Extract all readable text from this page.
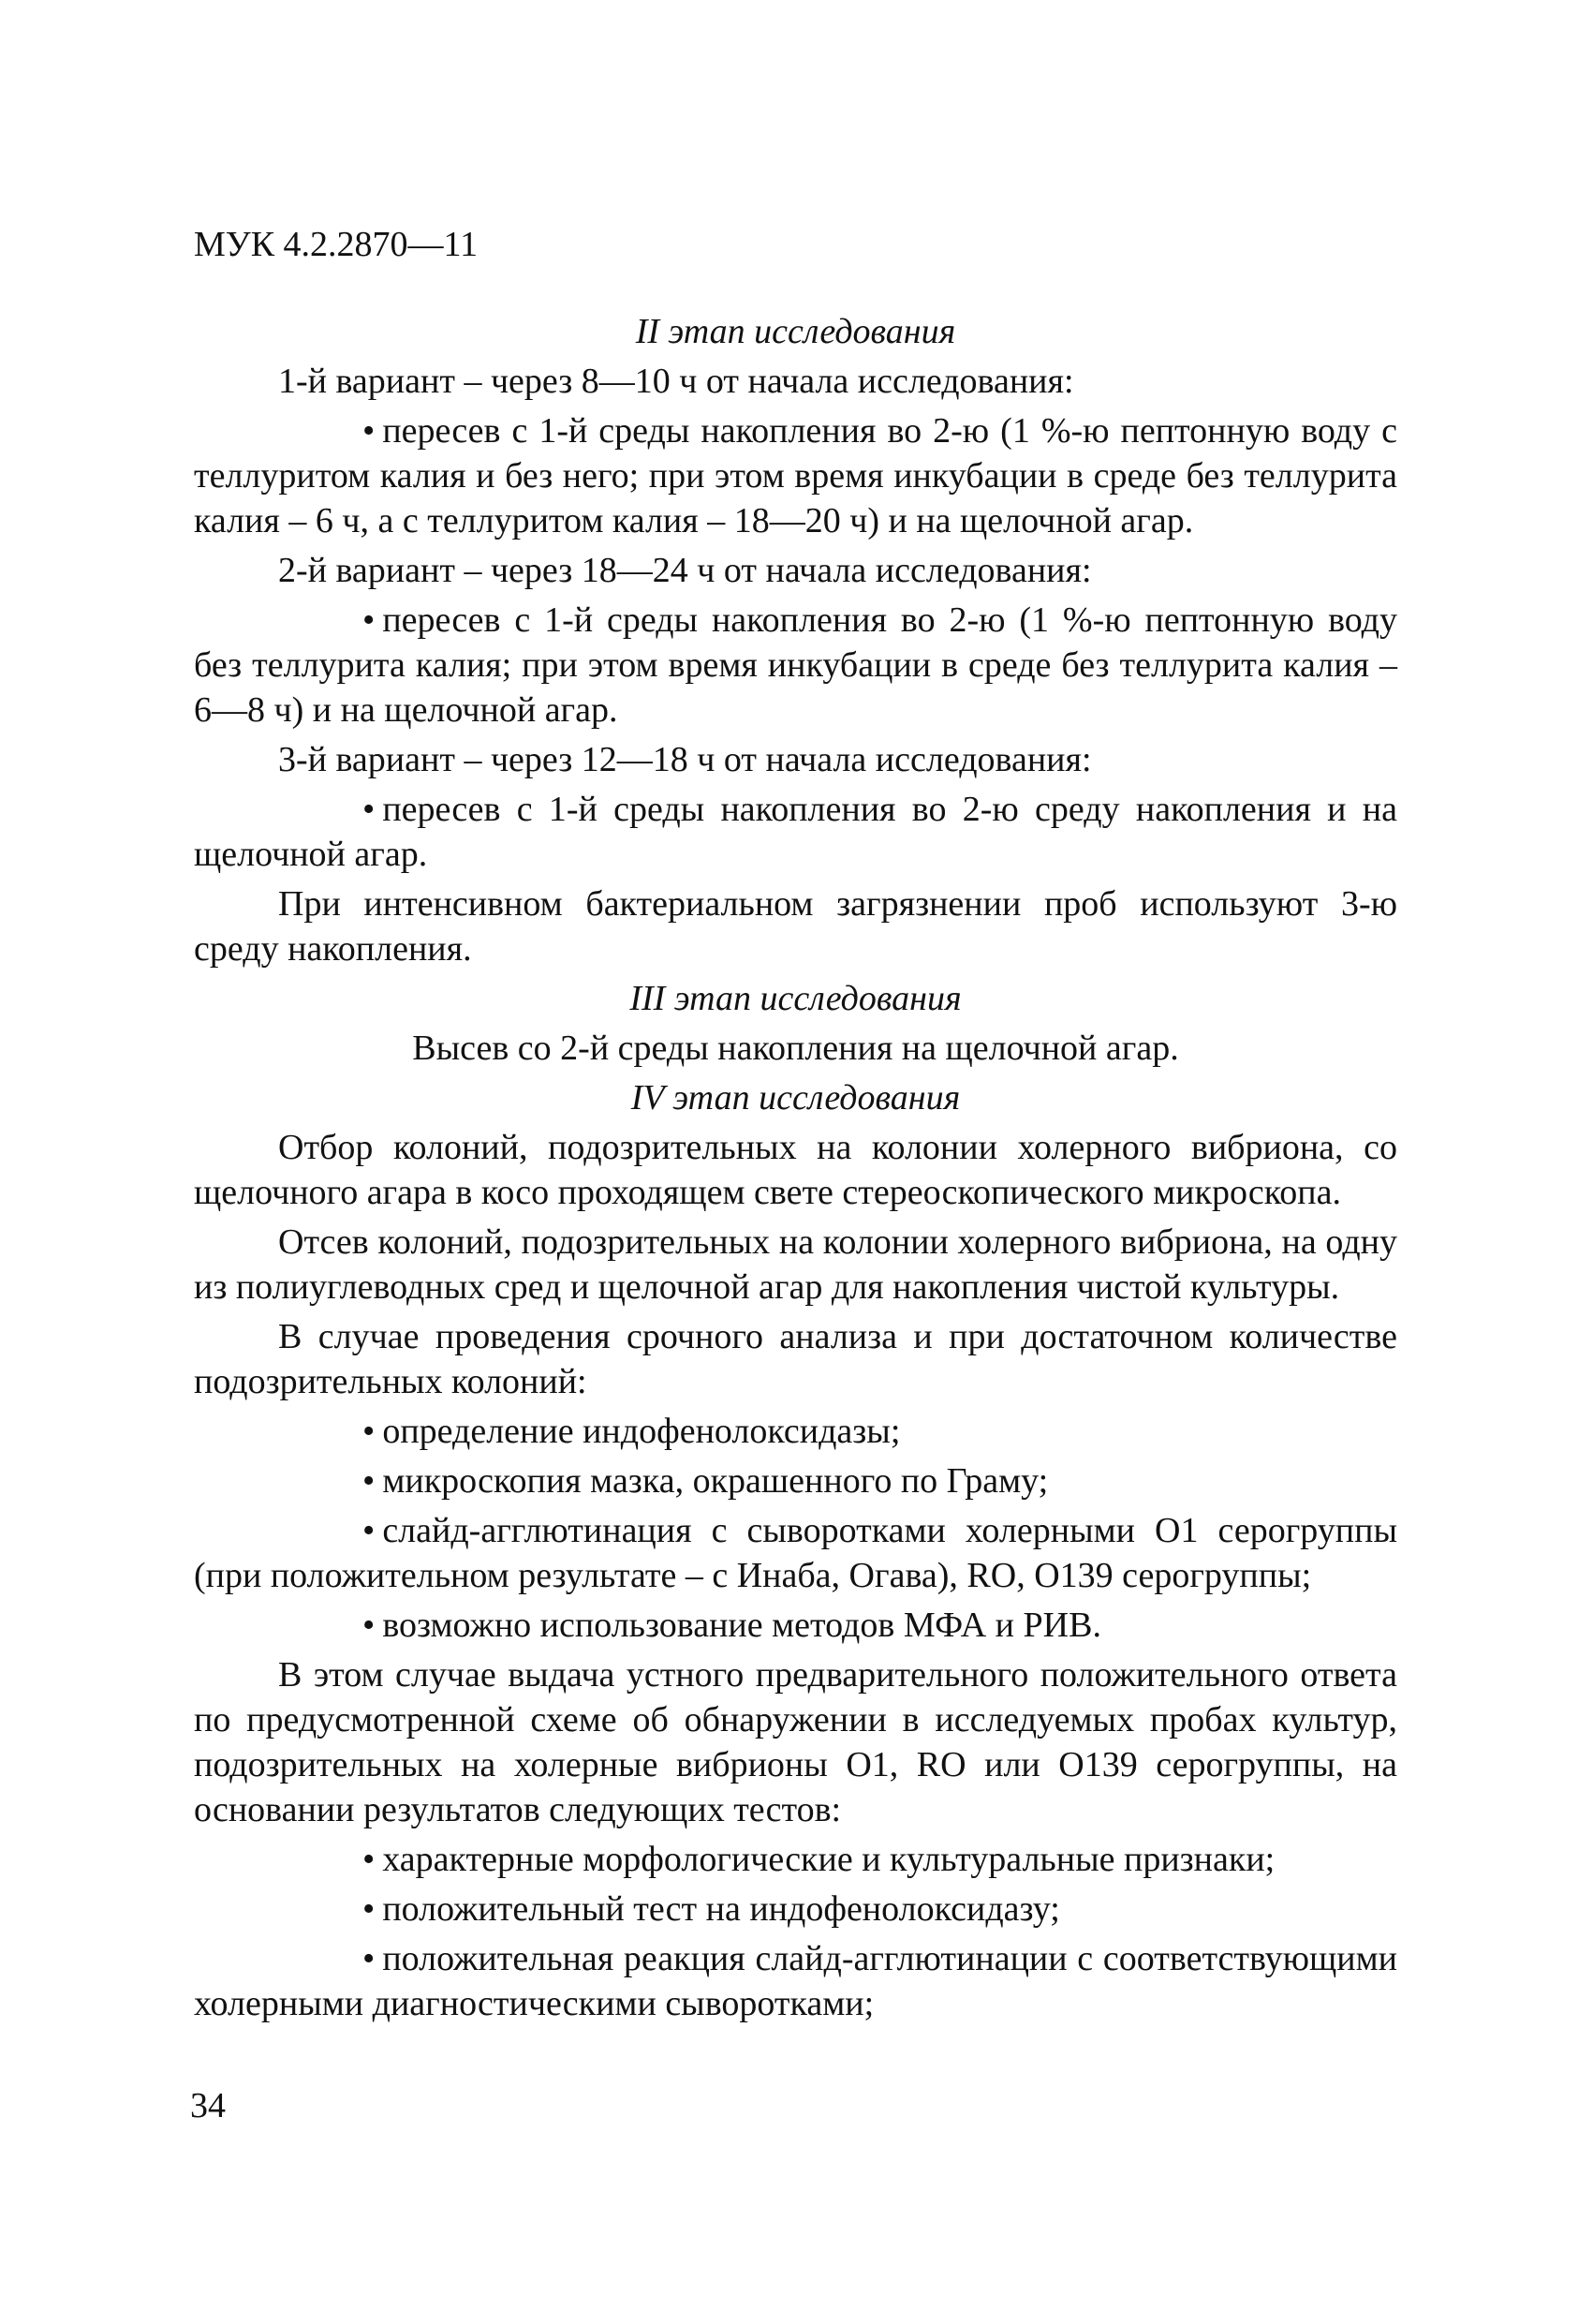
МУК 4.2.2870—11

II этап исследования

1-й вариант – через 8—10 ч от начала исследования:

• пересев с 1-й среды накопления во 2-ю (1 %-ю пептонную воду с теллуритом калия и без него; при этом время инкубации в среде без теллурита калия – 6 ч, а с теллуритом калия – 18—20 ч) и на щелочной агар.

2-й вариант – через 18—24 ч от начала исследования:

• пересев с 1-й среды накопления во 2-ю (1 %-ю пептонную воду без теллурита калия; при этом время инкубации в среде без теллурита калия – 6—8 ч) и на щелочной агар.

3-й вариант – через 12—18 ч от начала исследования:

• пересев с 1-й среды накопления во 2-ю среду накопления и на щелочной агар.

При интенсивном бактериальном загрязнении проб используют 3-ю среду накопления.

III этап исследования

Высев со 2-й среды накопления на щелочной агар.

IV этап исследования

Отбор колоний, подозрительных на колонии холерного вибриона, со щелочного агара в косо проходящем свете стереоскопического микроскопа.

Отсев колоний, подозрительных на колонии холерного вибриона, на одну из полиуглеводных сред и щелочной агар для накопления чистой культуры.

В случае проведения срочного анализа и при достаточном количестве подозрительных колоний:

• определение индофенолоксидазы;

• микроскопия мазка, окрашенного по Граму;

• слайд-агглютинация с сыворотками холерными О1 серогруппы (при положительном результате – с Инаба, Огава), RO, О139 серогруппы;

• возможно использование методов МФА и РИВ.

В этом случае выдача устного предварительного положительного ответа по предусмотренной схеме об обнаружении в исследуемых пробах культур, подозрительных на холерные вибрионы О1, RO или О139 серогруппы, на основании результатов следующих тестов:

• характерные морфологические и культуральные признаки;

• положительный тест на индофенолоксидазу;

• положительная реакция слайд-агглютинации с соответствующими холерными диагностическими сыворотками;

34
